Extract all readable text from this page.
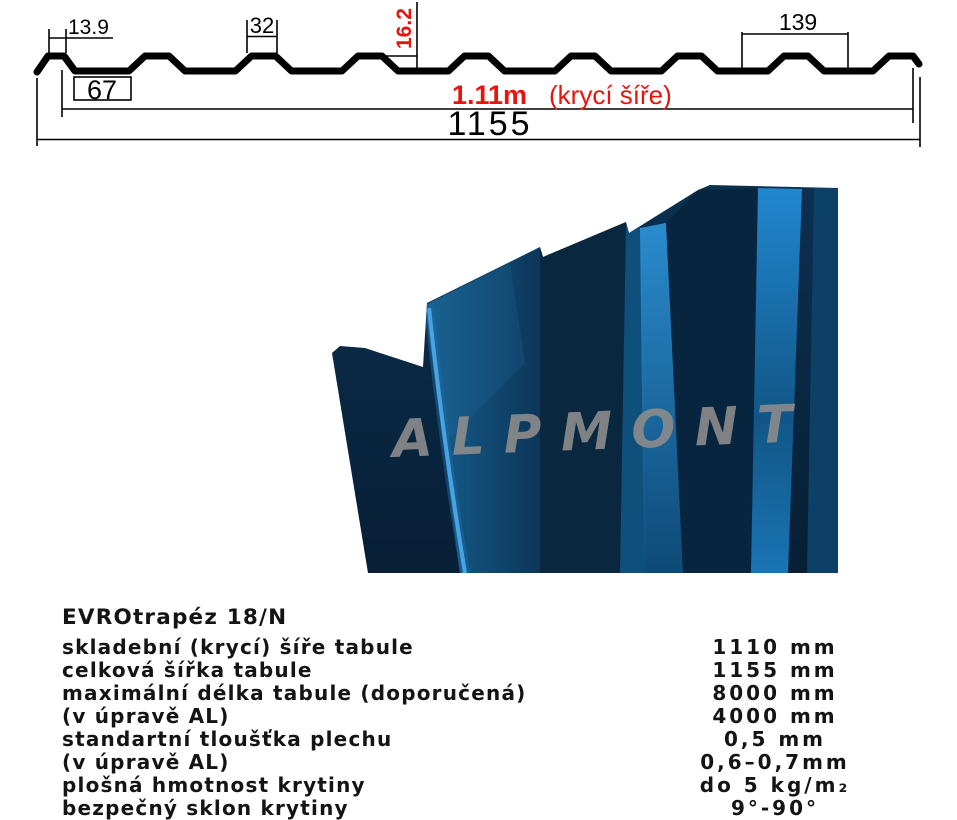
13.9	32	16.2	139
67	1.11m (krycí šíře)
1155
ALPMONT
EVROtrapéz 18/N
skladební (krycí) šíře tabule	1110 mm
celková šířka tabule	1155 mm
maximální délka tabule (doporučená)	8000 mm
(v úpravě AL)	4000 mm
standartní tloušťka plechu	0,5 mm
(v úpravě AL)	0,6–0,7mm
plošná hmotnost krytiny	do 5 kg/m₂
bezpečný sklon krytiny	9°-90°
